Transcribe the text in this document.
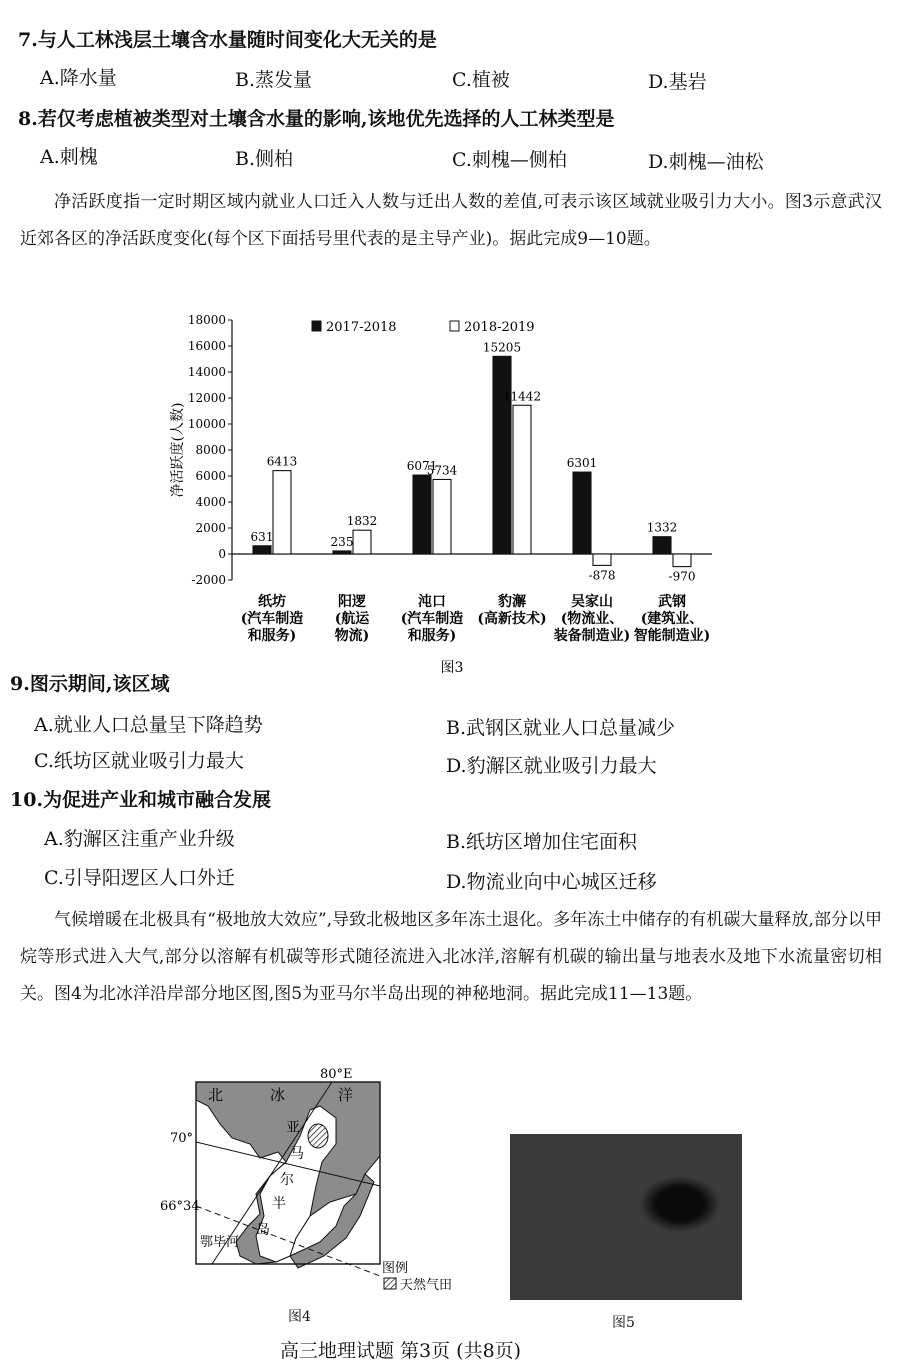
7.与人工林浅层土壤含水量随时间变化大无关的是
A.降水量	B.蒸发量	C.植被	D.基岩
8.若仅考虑植被类型对土壤含水量的影响,该地优先选择的人工林类型是
A.刺槐	B.侧柏	C.刺槐—侧柏	D.刺槐—油松
净活跃度指一定时期区域内就业人口迁入人数与迁出人数的差值,可表示该区域就业吸引力大小。图3示意武汉近郊各区的净活跃度变化(每个区下面括号里代表的是主导产业)。据此完成9—10题。
18000
16000
14000
12000
10000
8000
6000
4000
2000
0
-2000
净活跃度(人数)
2017-2018	2018-2019
631
6413
纸坊
(汽车制造
和服务)
235
1832
阳逻
(航运
物流)
6071
5734
沌口
(汽车制造
和服务)
15205
11442
豹澥
(高新技术)
6301
-878
吴家山
(物流业、
装备制造业)
1332
-970
武钢
(建筑业、
智能制造业)
图3
9.图示期间,该区域
A.就业人口总量呈下降趋势	B.武钢区就业人口总量减少
C.纸坊区就业吸引力最大	D.豹澥区就业吸引力最大
10.为促进产业和城市融合发展
A.豹澥区注重产业升级	B.纸坊区增加住宅面积
C.引导阳逻区人口外迁	D.物流业向中心城区迁移
气候增暖在北极具有“极地放大效应”,导致北极地区多年冻土退化。多年冻土中储存的有机碳大量释放,部分以甲烷等形式进入大气,部分以溶解有机碳等形式随径流进入北冰洋,溶解有机碳的输出量与地表水及地下水流量密切相关。图4为北冰洋沿岸部分地区图,图5为亚马尔半岛出现的神秘地洞。据此完成11—13题。
80°E
70°
66°34
北	冰	洋
亚
马
尔
半
岛
鄂毕河
图例
天然气田
图4	图5
高三地理试题 第3页 (共8页)
